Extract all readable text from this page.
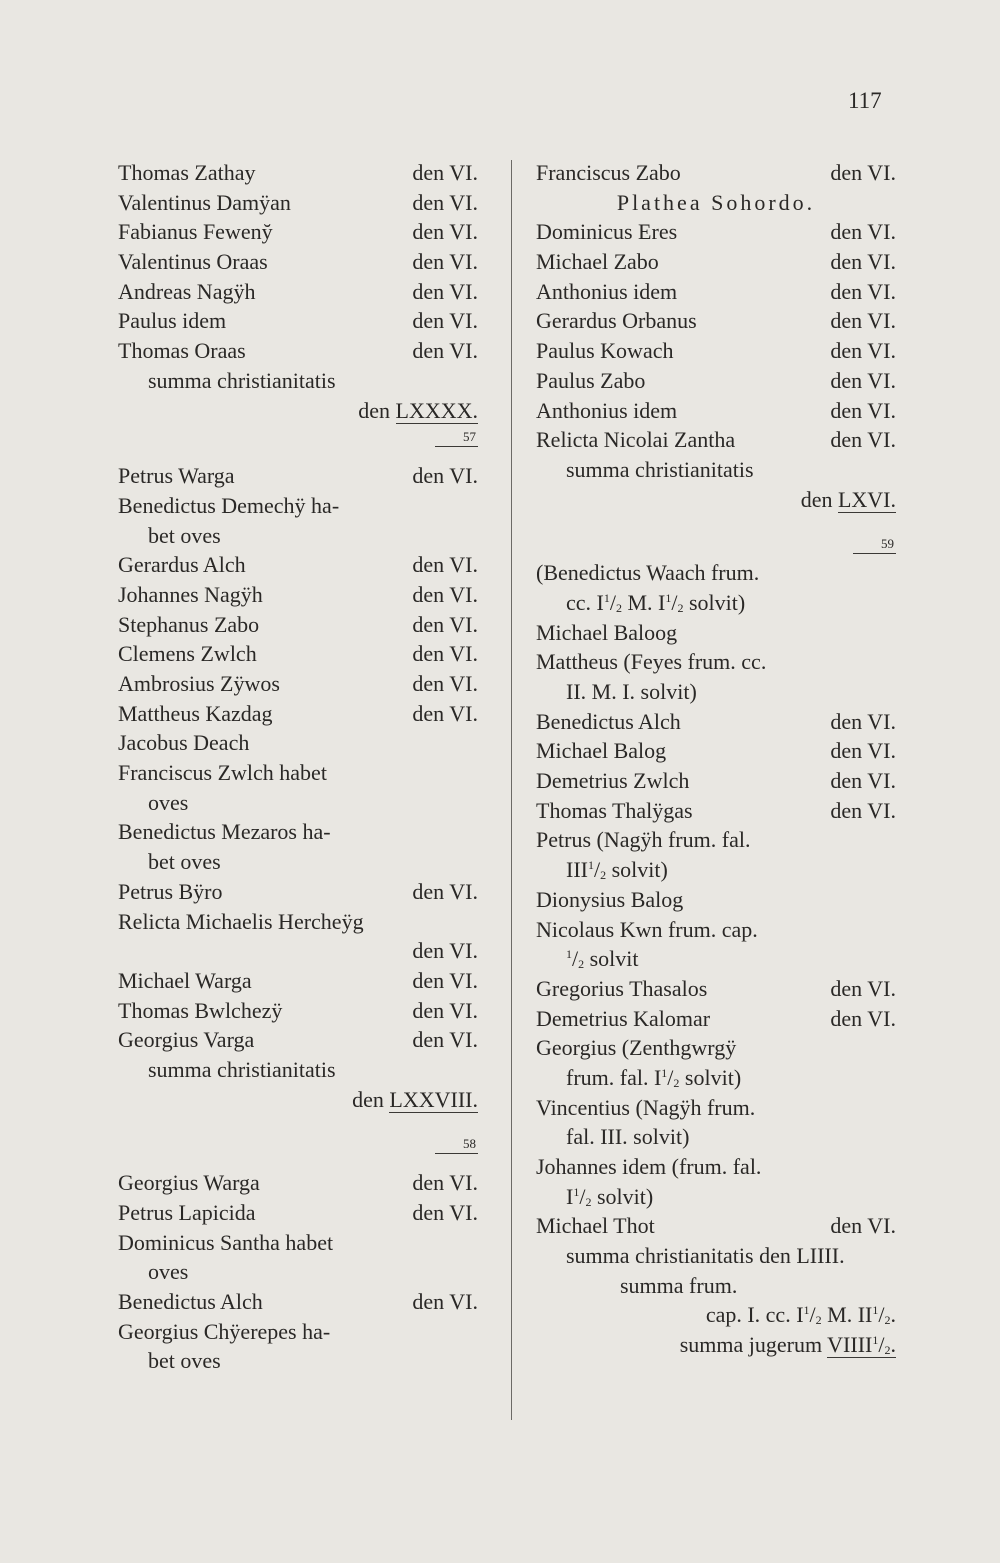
117
Thomas Zathay	den VI.
Valentinus Damÿan	den VI.
Fabianus Feweny̆	den VI.
Valentinus Oraas	den VI.
Andreas Nagÿh	den VI.
Paulus idem	den VI.
Thomas Oraas	den VI.
summa christianitatis
den LXXXX.
57
Petrus Warga	den VI.
Benedictus Demechÿ ha-
bet oves
Gerardus Alch	den VI.
Johannes Nagÿh	den VI.
Stephanus Zabo	den VI.
Clemens Zwlch	den VI.
Ambrosius Zÿwos	den VI.
Mattheus Kazdag	den VI.
Jacobus Deach
Franciscus Zwlch habet
oves
Benedictus Mezaros ha-
bet oves
Petrus Bÿro	den VI.
Relicta Michaelis Hercheÿg
den VI.
Michael Warga	den VI.
Thomas Bwlchezÿ	den VI.
Georgius Varga	den VI.
summa christianitatis
den LXXVIII.
58
Georgius Warga	den VI.
Petrus Lapicida	den VI.
Dominicus Santha habet
oves
Benedictus Alch	den VI.
Georgius Chÿerepes ha-
bet oves
Franciscus Zabo	den VI.
Plathea Sohordo.
Dominicus Eres	den VI.
Michael Zabo	den VI.
Anthonius idem	den VI.
Gerardus Orbanus	den VI.
Paulus Kowach	den VI.
Paulus Zabo	den VI.
Anthonius idem	den VI.
Relicta Nicolai Zantha	den VI.
summa christianitatis
den LXVI.
59
(Benedictus Waach frum.
cc. $I^1/_2$ M. $I^1/_2$ solvit)
Michael Baloog
Mattheus (Feyes frum. cc.
II. M. I. solvit)
Benedictus Alch	den VI.
Michael Balog	den VI.
Demetrius Zwlch	den VI.
Thomas Thalÿgas	den VI.
Petrus (Nagÿh frum. fal.
$III^1/_2$ solvit)
Dionysius Balog
Nicolaus Kwn frum. cap.
$^1/_2$ solvit
Gregorius Thasalos	den VI.
Demetrius Kalomar	den VI.
Georgius (Zenthgwrgÿ
frum. fal. $I^1/_2$ solvit)
Vincentius (Nagÿh frum.
fal. III. solvit)
Johannes idem (frum. fal.
$I^1/_2$ solvit)
Michael Thot	den VI.
summa christianitatis den LIIII.
summa frum.
cap. I. cc. $I^1/_2$ M. $II^1/_2$.
summa jugerum $VIIII^1/_2$.
